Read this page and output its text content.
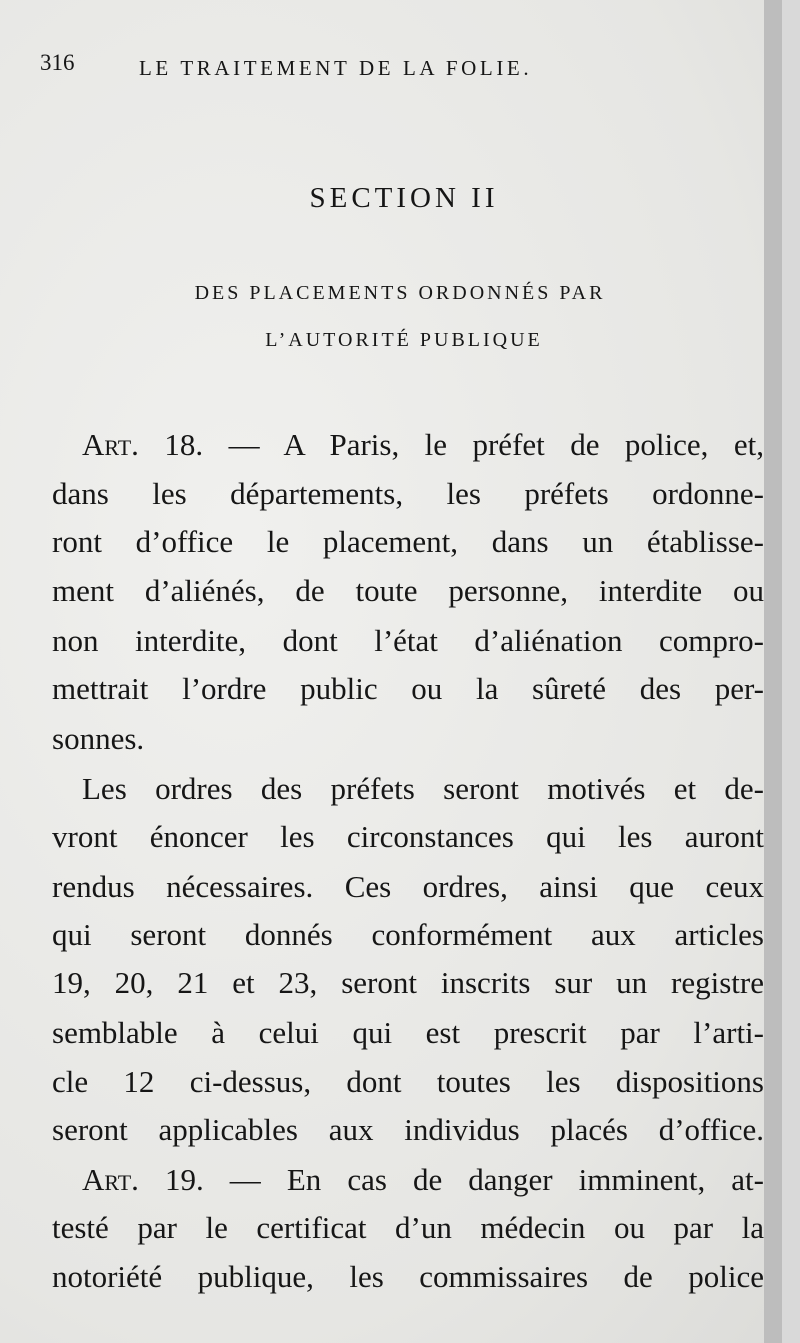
316	LE TRAITEMENT DE LA FOLIE.
SECTION II
DES PLACEMENTS ORDONNÉS PAR
L’AUTORITÉ PUBLIQUE
Art. 18. — A Paris, le préfet de police, et,
dans les départements, les préfets ordonne-
ront d’office le placement, dans un établisse-
ment d’aliénés, de toute personne, interdite ou
non interdite, dont l’état d’aliénation compro-
mettrait l’ordre public ou la sûreté des per-
sonnes.
Les ordres des préfets seront motivés et de-
vront énoncer les circonstances qui les auront
rendus nécessaires. Ces ordres, ainsi que ceux
qui seront donnés conformément aux articles
19, 20, 21 et 23, seront inscrits sur un registre
semblable à celui qui est prescrit par l’arti-
cle 12 ci-dessus, dont toutes les dispositions
seront applicables aux individus placés d’office.
Art. 19. — En cas de danger imminent, at-
testé par le certificat d’un médecin ou par la
notoriété publique, les commissaires de police
